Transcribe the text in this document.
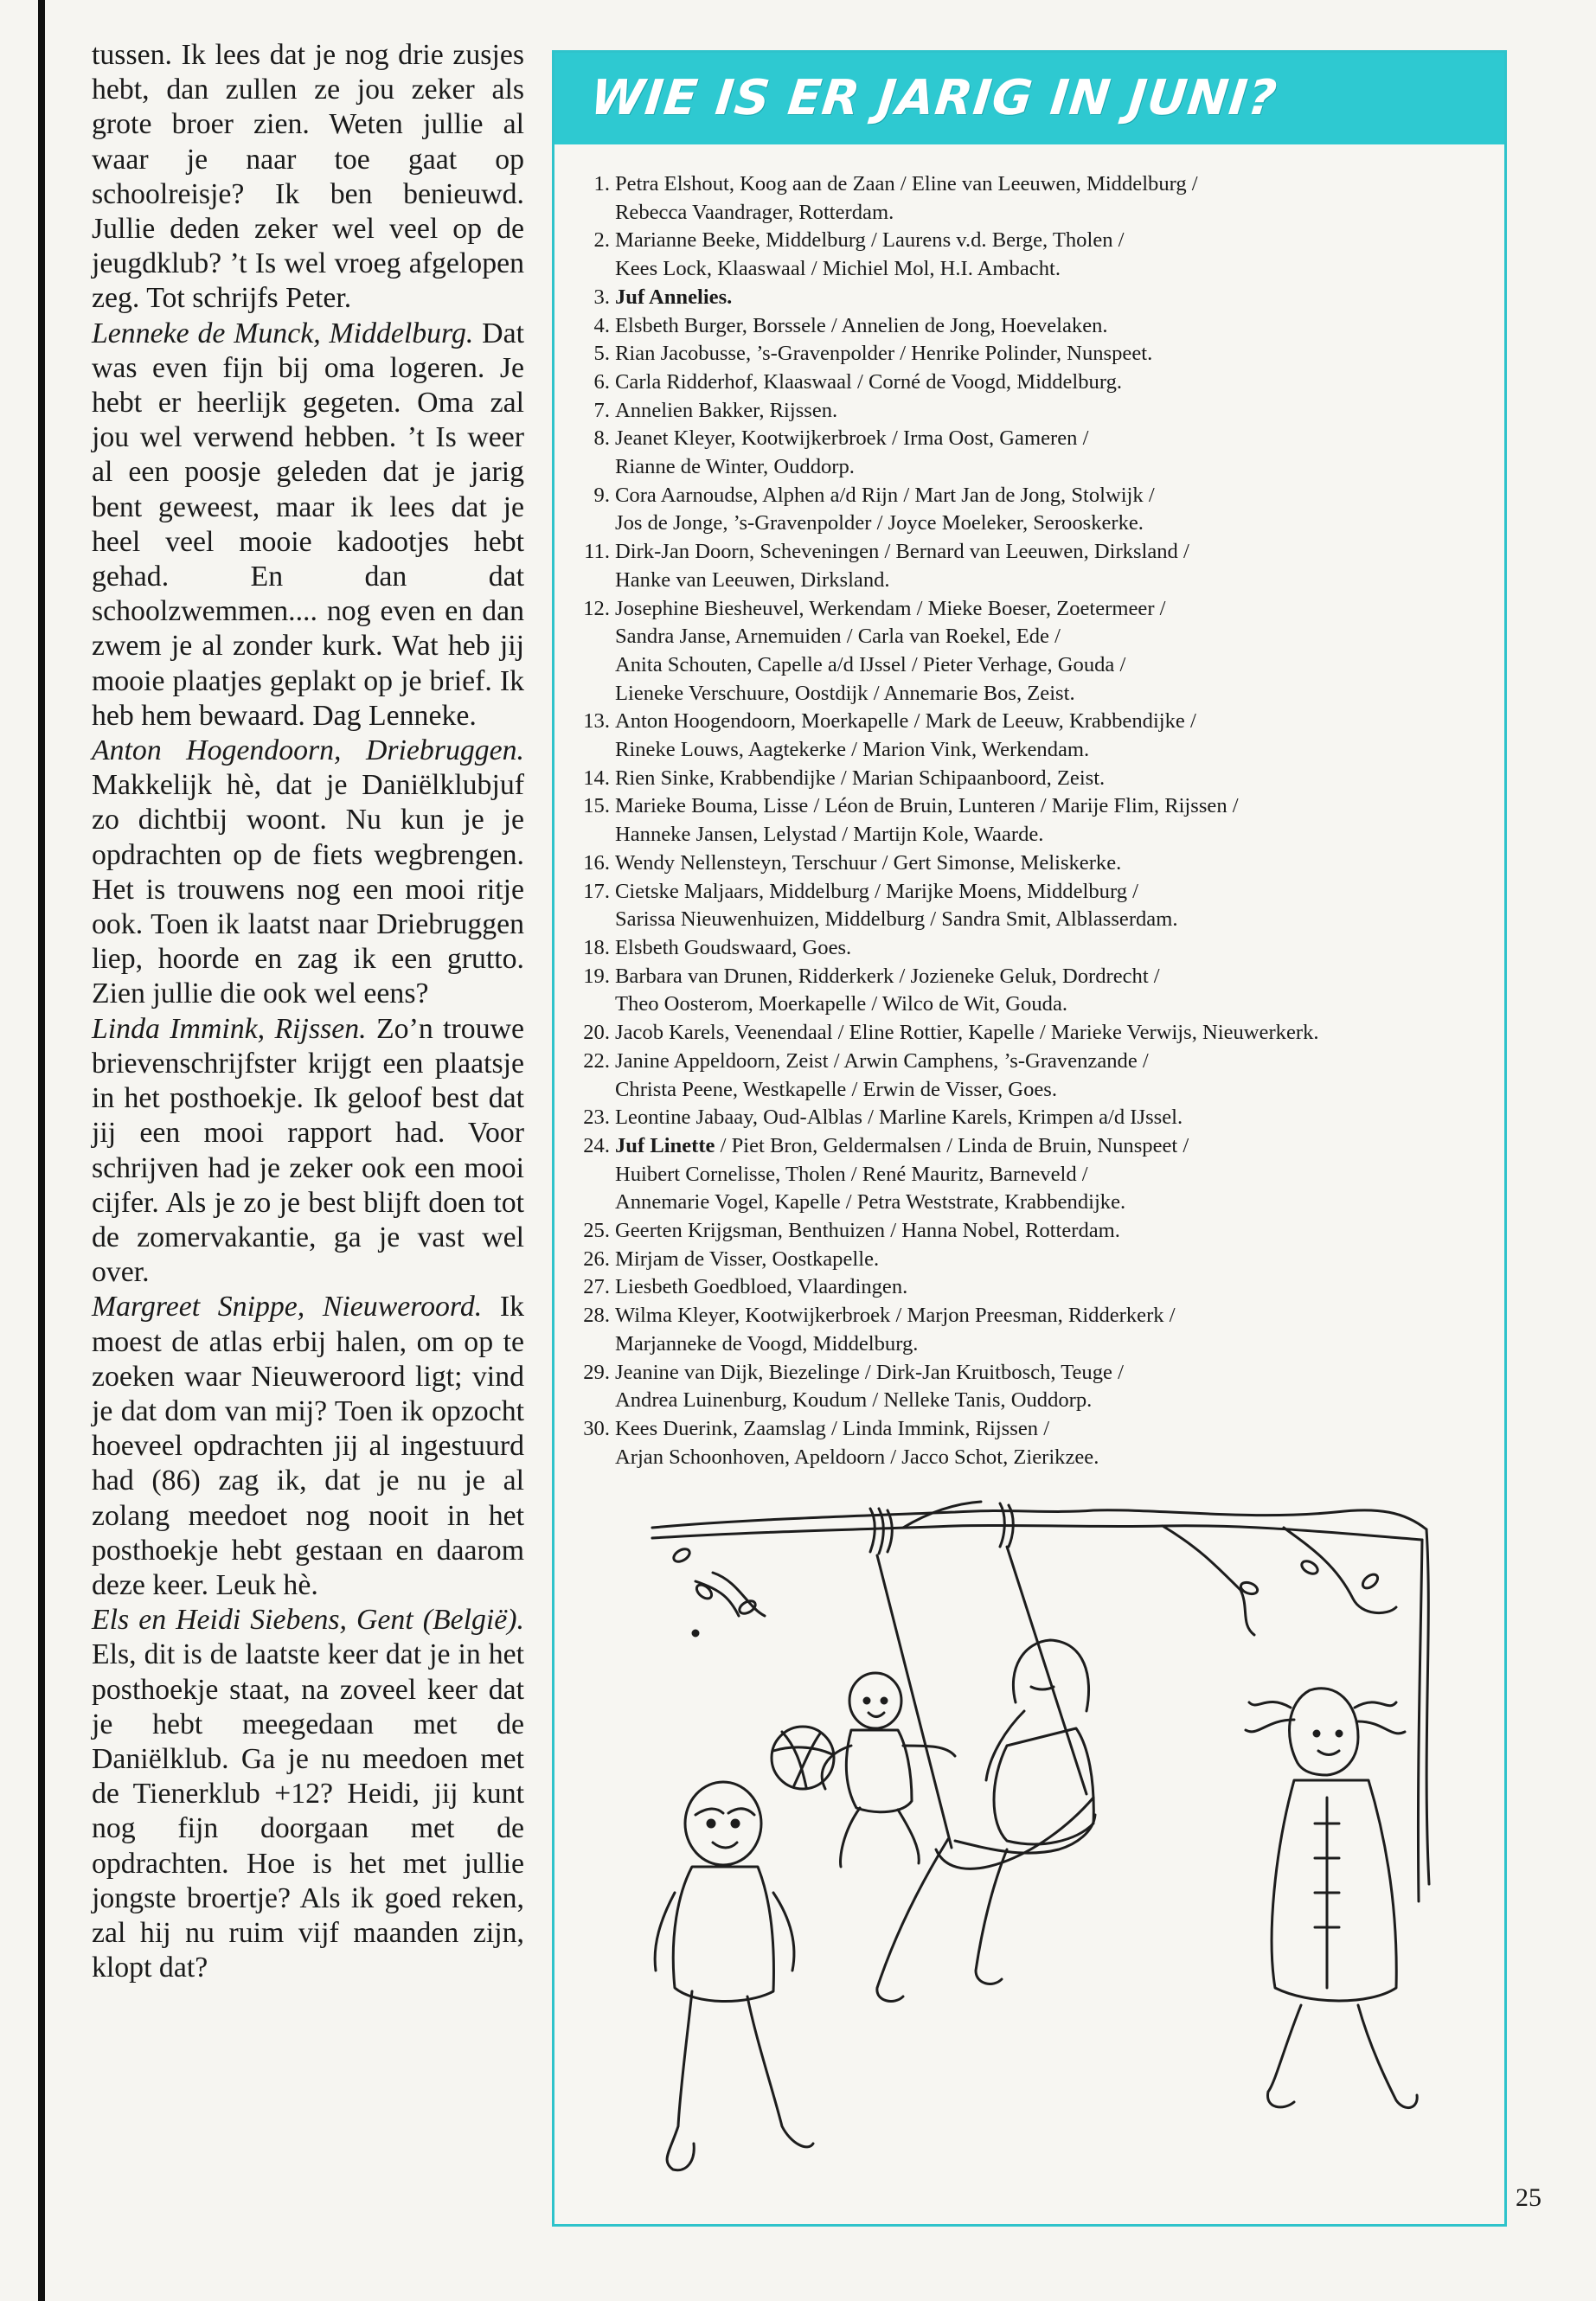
tussen. Ik lees dat je nog drie zusjes hebt, dan zullen ze jou zeker als grote broer zien. Weten jullie al waar je naar toe gaat op schoolreisje? Ik ben benieuwd. Jullie deden zeker wel veel op de jeugdklub? ’t Is wel vroeg afgelopen zeg. Tot schrijfs Peter.

Lenneke de Munck, Middelburg. Dat was even fijn bij oma logeren. Je hebt er heerlijk gegeten. Oma zal jou wel verwend hebben. ’t Is weer al een poosje geleden dat je jarig bent geweest, maar ik lees dat je heel veel mooie kadootjes hebt gehad. En dan dat schoolzwemmen.... nog even en dan zwem je al zonder kurk. Wat heb jij mooie plaatjes geplakt op je brief. Ik heb hem bewaard. Dag Lenneke.

Anton Hogendoorn, Driebruggen. Makkelijk hè, dat je Daniëlklubjuf zo dichtbij woont. Nu kun je je opdrachten op de fiets wegbrengen. Het is trouwens nog een mooi ritje ook. Toen ik laatst naar Driebruggen liep, hoorde en zag ik een grutto. Zien jullie die ook wel eens?

Linda Immink, Rijssen. Zo’n trouwe brievenschrijfster krijgt een plaatsje in het posthoekje. Ik geloof best dat jij een mooi rapport had. Voor schrijven had je zeker ook een mooi cijfer. Als je zo je best blijft doen tot de zomervakantie, ga je vast wel over.

Margreet Snippe, Nieuweroord. Ik moest de atlas erbij halen, om op te zoeken waar Nieuweroord ligt; vind je dat dom van mij? Toen ik opzocht hoeveel opdrachten jij al ingestuurd had (86) zag ik, dat je nu je al zolang meedoet nog nooit in het posthoekje hebt gestaan en daarom deze keer. Leuk hè.

Els en Heidi Siebens, Gent (België). Els, dit is de laatste keer dat je in het posthoekje staat, na zoveel keer dat je hebt meegedaan met de Daniëlklub. Ga je nu meedoen met de Tienerklub +12? Heidi, jij kunt nog fijn doorgaan met de opdrachten. Hoe is het met jullie jongste broertje? Als ik goed reken, zal hij nu ruim vijf maanden zijn, klopt dat?

WIE IS ER JARIG IN JUNI?
1. Petra Elshout, Koog aan de Zaan / Eline van Leeuwen, Middelburg /
Rebecca Vaandrager, Rotterdam.
2. Marianne Beeke, Middelburg / Laurens v.d. Berge, Tholen /
Kees Lock, Klaaswaal / Michiel Mol, H.I. Ambacht.
3. Juf Annelies.
4. Elsbeth Burger, Borssele / Annelien de Jong, Hoevelaken.
5. Rian Jacobusse, ’s-Gravenpolder / Henrike Polinder, Nunspeet.
6. Carla Ridderhof, Klaaswaal / Corné de Voogd, Middelburg.
7. Annelien Bakker, Rijssen.
8. Jeanet Kleyer, Kootwijkerbroek / Irma Oost, Gameren /
Rianne de Winter, Ouddorp.
9. Cora Aarnoudse, Alphen a/d Rijn / Mart Jan de Jong, Stolwijk /
Jos de Jonge, ’s-Gravenpolder / Joyce Moeleker, Serooskerke.
11. Dirk-Jan Doorn, Scheveningen / Bernard van Leeuwen, Dirksland /
Hanke van Leeuwen, Dirksland.
12. Josephine Biesheuvel, Werkendam / Mieke Boeser, Zoetermeer /
Sandra Janse, Arnemuiden / Carla van Roekel, Ede /
Anita Schouten, Capelle a/d IJssel / Pieter Verhage, Gouda /
Lieneke Verschuure, Oostdijk / Annemarie Bos, Zeist.
13. Anton Hoogendoorn, Moerkapelle / Mark de Leeuw, Krabbendijke /
Rineke Louws, Aagtekerke / Marion Vink, Werkendam.
14. Rien Sinke, Krabbendijke / Marian Schipaanboord, Zeist.
15. Marieke Bouma, Lisse / Léon de Bruin, Lunteren / Marije Flim, Rijssen /
Hanneke Jansen, Lelystad / Martijn Kole, Waarde.
16. Wendy Nellensteyn, Terschuur / Gert Simonse, Meliskerke.
17. Cietske Maljaars, Middelburg / Marijke Moens, Middelburg /
Sarissa Nieuwenhuizen, Middelburg / Sandra Smit, Alblasserdam.
18. Elsbeth Goudswaard, Goes.
19. Barbara van Drunen, Ridderkerk / Jozieneke Geluk, Dordrecht /
Theo Oosterom, Moerkapelle / Wilco de Wit, Gouda.
20. Jacob Karels, Veenendaal / Eline Rottier, Kapelle / Marieke Verwijs, Nieuwerkerk.
22. Janine Appeldoorn, Zeist / Arwin Camphens, ’s-Gravenzande /
Christa Peene, Westkapelle / Erwin de Visser, Goes.
23. Leontine Jabaay, Oud-Alblas / Marline Karels, Krimpen a/d IJssel.
24. Juf Linette / Piet Bron, Geldermalsen / Linda de Bruin, Nunspeet /
Huibert Cornelisse, Tholen / René Mauritz, Barneveld /
Annemarie Vogel, Kapelle / Petra Weststrate, Krabbendijke.
25. Geerten Krijgsman, Benthuizen / Hanna Nobel, Rotterdam.
26. Mirjam de Visser, Oostkapelle.
27. Liesbeth Goedbloed, Vlaardingen.
28. Wilma Kleyer, Kootwijkerbroek / Marjon Preesman, Ridderkerk /
Marjanneke de Voogd, Middelburg.
29. Jeanine van Dijk, Biezelinge / Dirk-Jan Kruitbosch, Teuge /
Andrea Luinenburg, Koudum / Nelleke Tanis, Ouddorp.
30. Kees Duerink, Zaamslag / Linda Immink, Rijssen /
Arjan Schoonhoven, Apeldoorn / Jacco Schot, Zierikzee.
25
